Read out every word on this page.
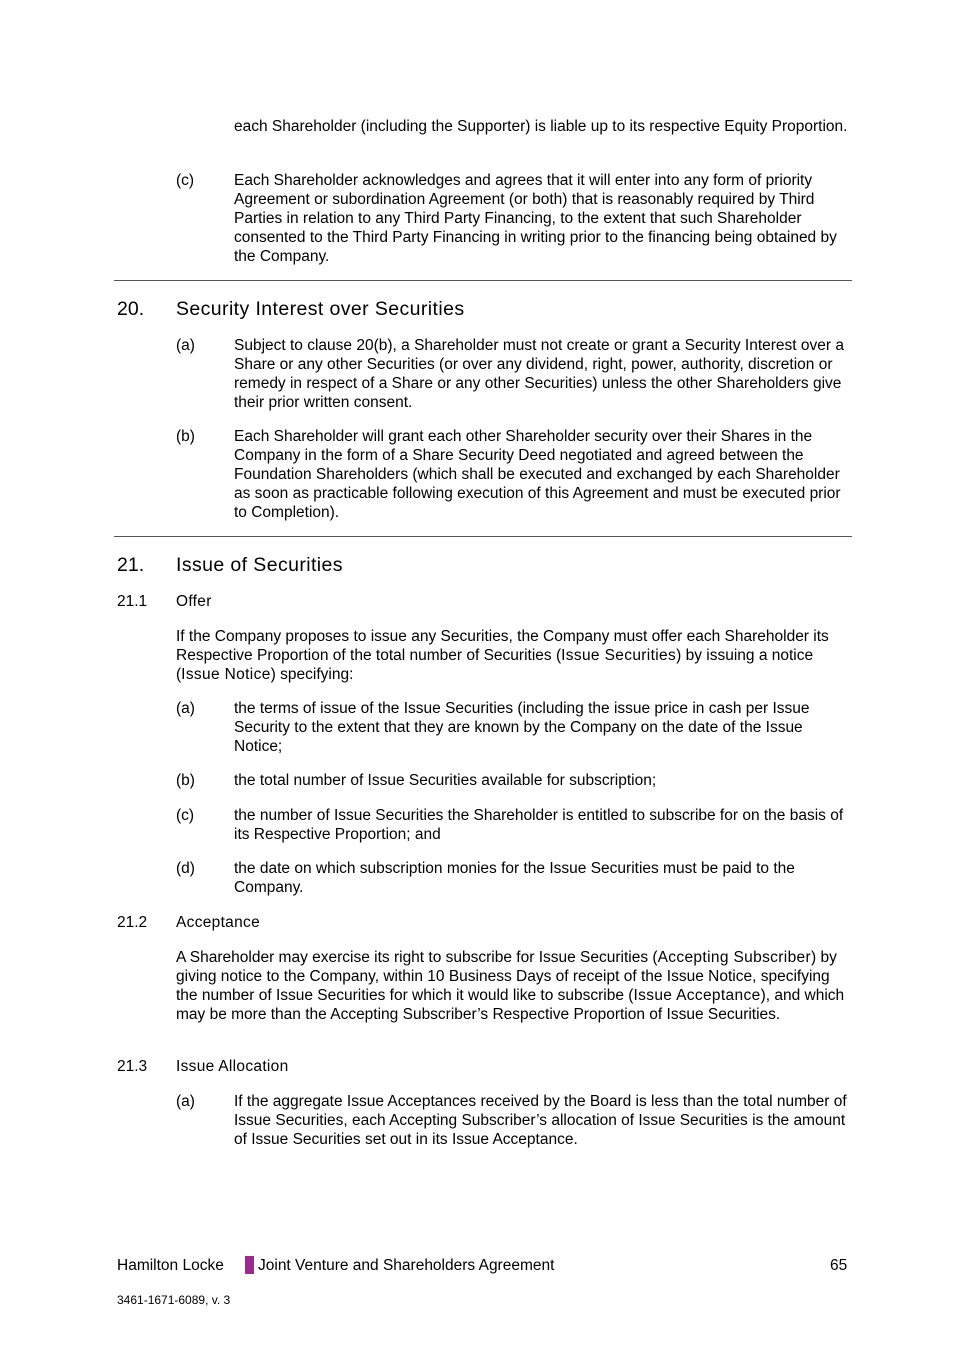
each Shareholder (including the Supporter) is liable up to its respective Equity Proportion.

(c)	Each Shareholder acknowledges and agrees that it will enter into any form of priority Agreement or subordination Agreement (or both) that is reasonably required by Third Parties in relation to any Third Party Financing, to the extent that such Shareholder consented to the Third Party Financing in writing prior to the financing being obtained by the Company.

20. Security Interest over Securities
(a)	Subject to clause 20(b), a Shareholder must not create or grant a Security Interest over a Share or any other Securities (or over any dividend, right, power, authority, discretion or remedy in respect of a Share or any other Securities) unless the other Shareholders give their prior written consent.

(b)	Each Shareholder will grant each other Shareholder security over their Shares in the Company in the form of a Share Security Deed negotiated and agreed between the Foundation Shareholders (which shall be executed and exchanged by each Shareholder as soon as practicable following execution of this Agreement and must be executed prior to Completion).

21. Issue of Securities
21.1 Offer

If the Company proposes to issue any Securities, the Company must offer each Shareholder its Respective Proportion of the total number of Securities (Issue Securities) by issuing a notice (Issue Notice) specifying:

(a)	the terms of issue of the Issue Securities (including the issue price in cash per Issue Security to the extent that they are known by the Company on the date of the Issue Notice;

(b)	the total number of Issue Securities available for subscription;

(c)	the number of Issue Securities the Shareholder is entitled to subscribe for on the basis of its Respective Proportion; and

(d)	the date on which subscription monies for the Issue Securities must be paid to the Company.

21.2 Acceptance

A Shareholder may exercise its right to subscribe for Issue Securities (Accepting Subscriber) by giving notice to the Company, within 10 Business Days of receipt of the Issue Notice, specifying the number of Issue Securities for which it would like to subscribe (Issue Acceptance), and which may be more than the Accepting Subscriber’s Respective Proportion of Issue Securities.

21.3 Issue Allocation
(a)	If the aggregate Issue Acceptances received by the Board is less than the total number of Issue Securities, each Accepting Subscriber’s allocation of Issue Securities is the amount of Issue Securities set out in its Issue Acceptance.

Hamilton Locke Joint Venture and Shareholders Agreement	65
3461-1671-6089, v. 3
